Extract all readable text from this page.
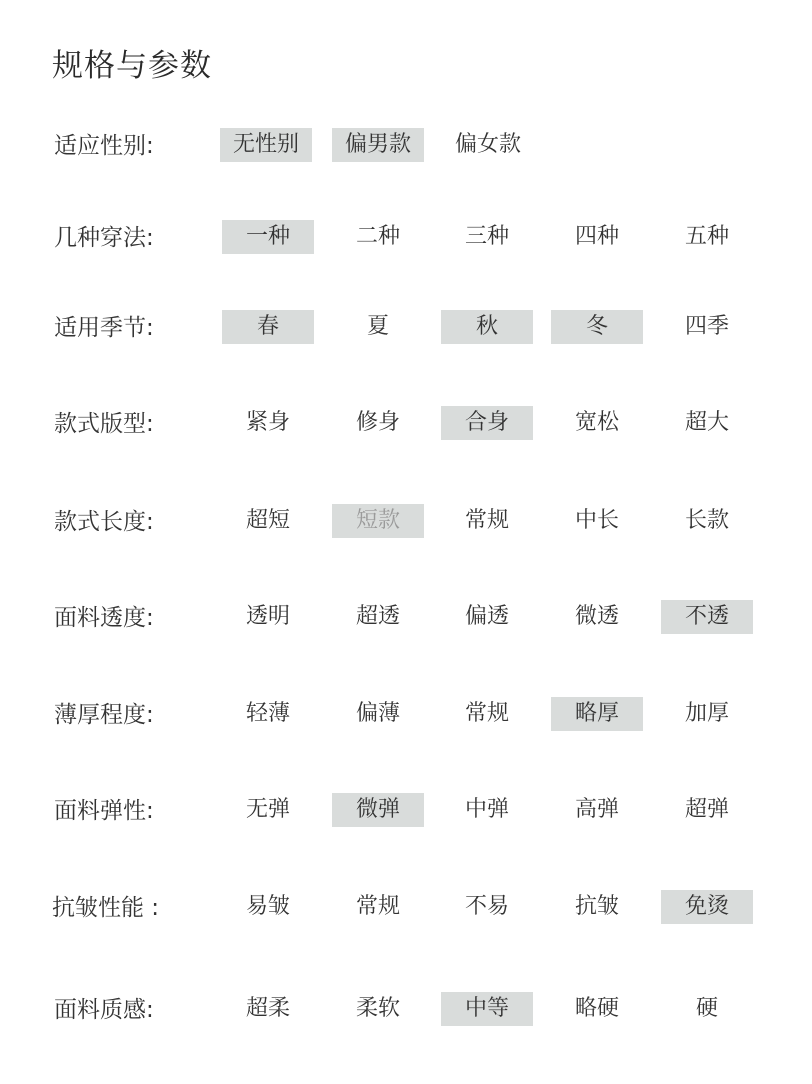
规格与参数
适应性别:	无性别	偏男款	偏女款
几种穿法:	一种	二种	三种	四种	五种
适用季节:	春	夏	秋	冬	四季
款式版型:	紧身	修身	合身	宽松	超大
款式长度:	超短	短款	常规	中长	长款
面料透度:	透明	超透	偏透	微透	不透
薄厚程度:	轻薄	偏薄	常规	略厚	加厚
面料弹性:	无弹	微弹	中弹	高弹	超弹
抗皱性能 :	易皱	常规	不易	抗皱	免烫
面料质感:	超柔	柔软	中等	略硬	硬
